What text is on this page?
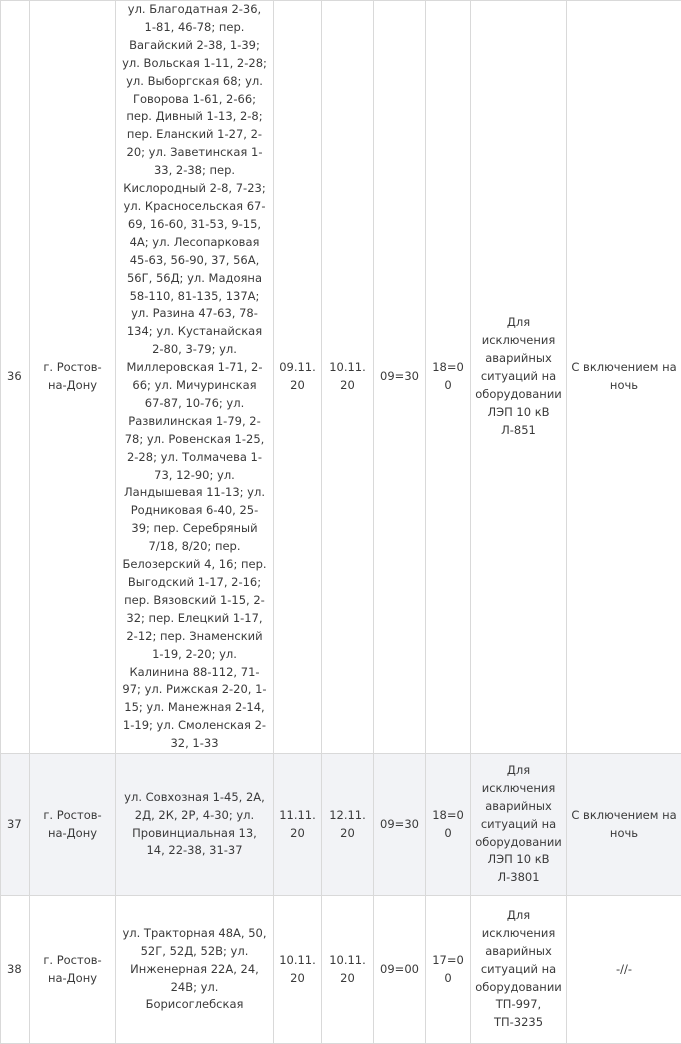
36	г. Ростов-на-Дону	ул. Благодатная 2-36, 1-81, 46-78; пер. Вагайский 2-38, 1-39; ул. Вольская 1-11, 2-28; ул. Выборгская 68; ул. Говорова 1-61, 2-66; пер. Дивный 1-13, 2-8; пер. Еланский 1-27, 2-20; ул. Заветинская 1-33, 2-38; пер. Кислородный 2-8, 7-23; ул. Красносельская 67-69, 16-60, 31-53, 9-15, 4А; ул. Лесопарковая 45-63, 56-90, 37, 56А, 56Г, 56Д; ул. Мадояна 58-110, 81-135, 137А; ул. Разина 47-63, 78-134; ул. Кустанайская 2-80, 3-79; ул. Миллеровская 1-71, 2-66; ул. Мичуринская 67-87, 10-76; ул. Развилинская 1-79, 2-78; ул. Ровенская 1-25, 2-28; ул. Толмачева 1-73, 12-90; ул. Ландышевая 11-13; ул. Родниковая 6-40, 25-39; пер. Серебряный 7/18, 8/20; пер. Белозерский 4, 16; пер. Выгодский 1-17, 2-16; пер. Вязовский 1-15, 2-32; пер. Елецкий 1-17, 2-12; пер. Знаменский 1-19, 2-20; ул. Калинина 88-112, 71-97; ул. Рижская 2-20, 1-15; ул. Манежная 2-14, 1-19; ул. Смоленская 2-32, 1-33	09.11.20	10.11.20	09=30	18=00	Для исключения аварийных ситуаций на оборудовании ЛЭП 10 кВ Л-851	С включением на ночь
37	г. Ростов-на-Дону	ул. Совхозная 1-45, 2А, 2Д, 2К, 2Р, 4-30; ул. Провинциальная 13, 14, 22-38, 31-37	11.11.20	12.11.20	09=30	18=00	Для исключения аварийных ситуаций на оборудовании ЛЭП 10 кВ Л-3801	С включением на ночь
38	г. Ростов-на-Дону	ул. Тракторная 48А, 50, 52Г, 52Д, 52В; ул. Инженерная 22А, 24, 24В; ул. Борисоглебская	10.11.20	10.11.20	09=00	17=00	Для исключения аварийных ситуаций на оборудовании ТП-997, ТП-3235	-//-
